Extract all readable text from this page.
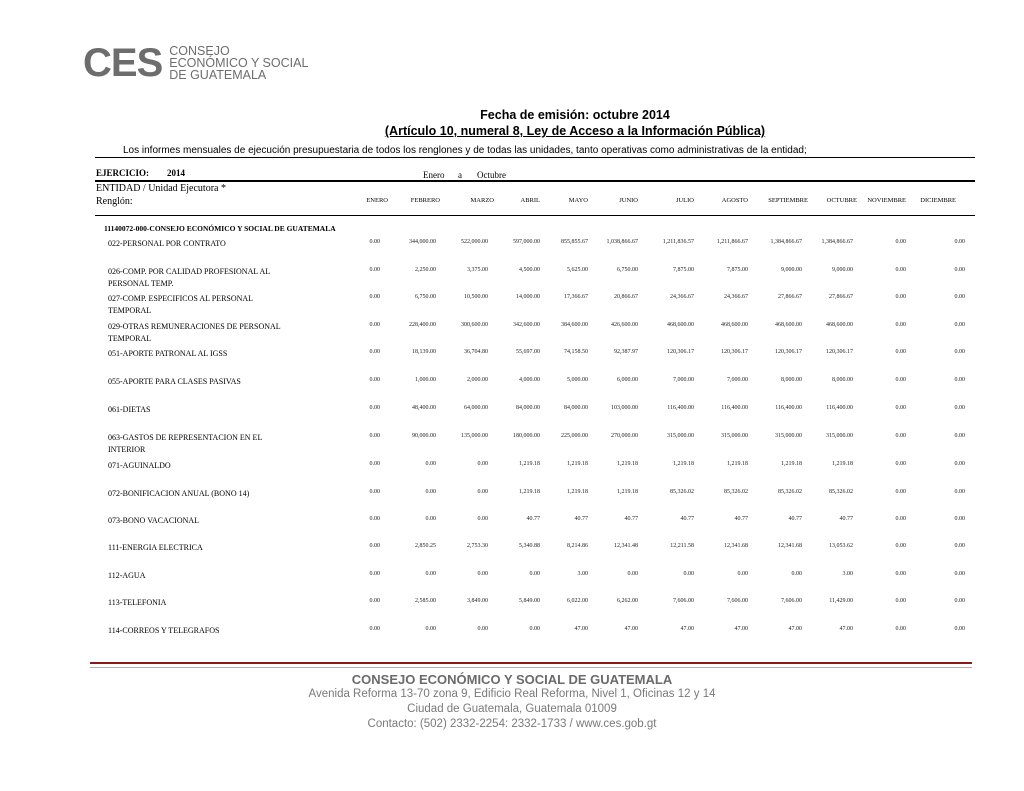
CES CONSEJO
ECONÓMICO Y SOCIAL
DE GUATEMALA
Fecha de emisión: octubre 2014
(Artículo 10, numeral 8, Ley de Acceso a la Información Pública)
Los informes mensuales de ejecución presupuestaria de todos los renglones y de todas las unidades, tanto operativas como administrativas de la entidad;
EJERCICIO: 2014	Enero a Octubre
ENTIDAD / Unidad Ejecutora *
Renglón:	ENERO	FEBRERO	MARZO	ABRIL	MAYO	JUNIO	JULIO	AGOSTO	SEPTIEMBRE	OCTUBRE	NOVIEMBRE	DICIEMBRE
11140072-000-CONSEJO ECONÓMICO Y SOCIAL DE GUATEMALA
022-PERSONAL POR CONTRATO	0.00	344,000.00	522,000.00	597,000.00	855,855.67	1,038,866.67	1,211,836.57	1,211,866.67	1,384,866.67	1,384,866.67	0.00	0.00
026-COMP. POR CALIDAD PROFESIONAL AL PERSONAL TEMP.
0.00	2,250.00	3,375.00	4,500.00	5,625.00	6,750.00	7,875.00	7,875.00	9,000.00	9,000.00	0.00	0.00
027-COMP. ESPECIFICOS AL PERSONAL TEMPORAL
0.00	6,750.00	10,500.00	14,000.00	17,366.67	20,866.67	24,366.67	24,366.67	27,866.67	27,866.67	0.00	0.00
029-OTRAS REMUNERACIONES DE PERSONAL TEMPORAL
0.00	228,400.00	300,600.00	342,600.00	384,600.00	426,600.00	468,600.00	468,600.00	468,600.00	468,600.00	0.00	0.00
051-APORTE PATRONAL AL IGSS	0.00	18,139.00	36,704.80	55,697.00	74,158.50	92,387.97	120,306.17	120,306.17	120,306.17	120,306.17	0.00	0.00
055-APORTE PARA CLASES PASIVAS	0.00	1,000.00	2,000.00	4,000.00	5,000.00	6,000.00	7,000.00	7,000.00	8,000.00	8,000.00	0.00	0.00
061-DIETAS	0.00	48,400.00	64,000.00	84,000.00	84,000.00	103,000.00	116,400.00	116,400.00	116,400.00	116,400.00	0.00	0.00
063-GASTOS DE REPRESENTACION EN EL INTERIOR
0.00	90,000.00	135,000.00	180,000.00	225,000.00	270,000.00	315,000.00	315,000.00	315,000.00	315,000.00	0.00	0.00
071-AGUINALDO	0.00	0.00	0.00	1,219.18	1,219.18	1,219.18	1,219.18	1,219.18	1,219.18	1,219.18	0.00	0.00
072-BONIFICACION ANUAL (BONO 14)	0.00	0.00	0.00	1,219.18	1,219.18	1,219.18	85,326.02	85,326.02	85,326.02	85,326.02	0.00	0.00
073-BONO VACACIONAL	0.00	0.00	0.00	40.77	40.77	40.77	40.77	40.77	40.77	40.77	0.00	0.00
111-ENERGIA ELECTRICA	0.00	2,850.25	2,753.30	5,340.88	8,214.86	12,341.48	12,211.58	12,341.68	12,341.68	13,053.62	0.00	0.00
112-AGUA	0.00	0.00	0.00	0.00	3.00	0.00	0.00	0.00	0.00	3.00	0.00	0.00
113-TELEFONIA	0.00	2,585.00	3,849.00	5,849.00	6,022.00	6,262.00	7,606.00	7,606.00	7,606.00	11,429.00	0.00	0.00
114-CORREOS Y TELEGRAFOS	0.00	0.00	0.00	0.00	47.00	47.00	47.00	47.00	47.00	47.00	0.00	0.00
CONSEJO ECONÓMICO Y SOCIAL DE GUATEMALA
Avenida Reforma 13-70 zona 9, Edificio Real Reforma, Nivel 1, Oficinas 12 y 14
Ciudad de Guatemala, Guatemala 01009
Contacto: (502) 2332-2254: 2332-1733 / www.ces.gob.gt
